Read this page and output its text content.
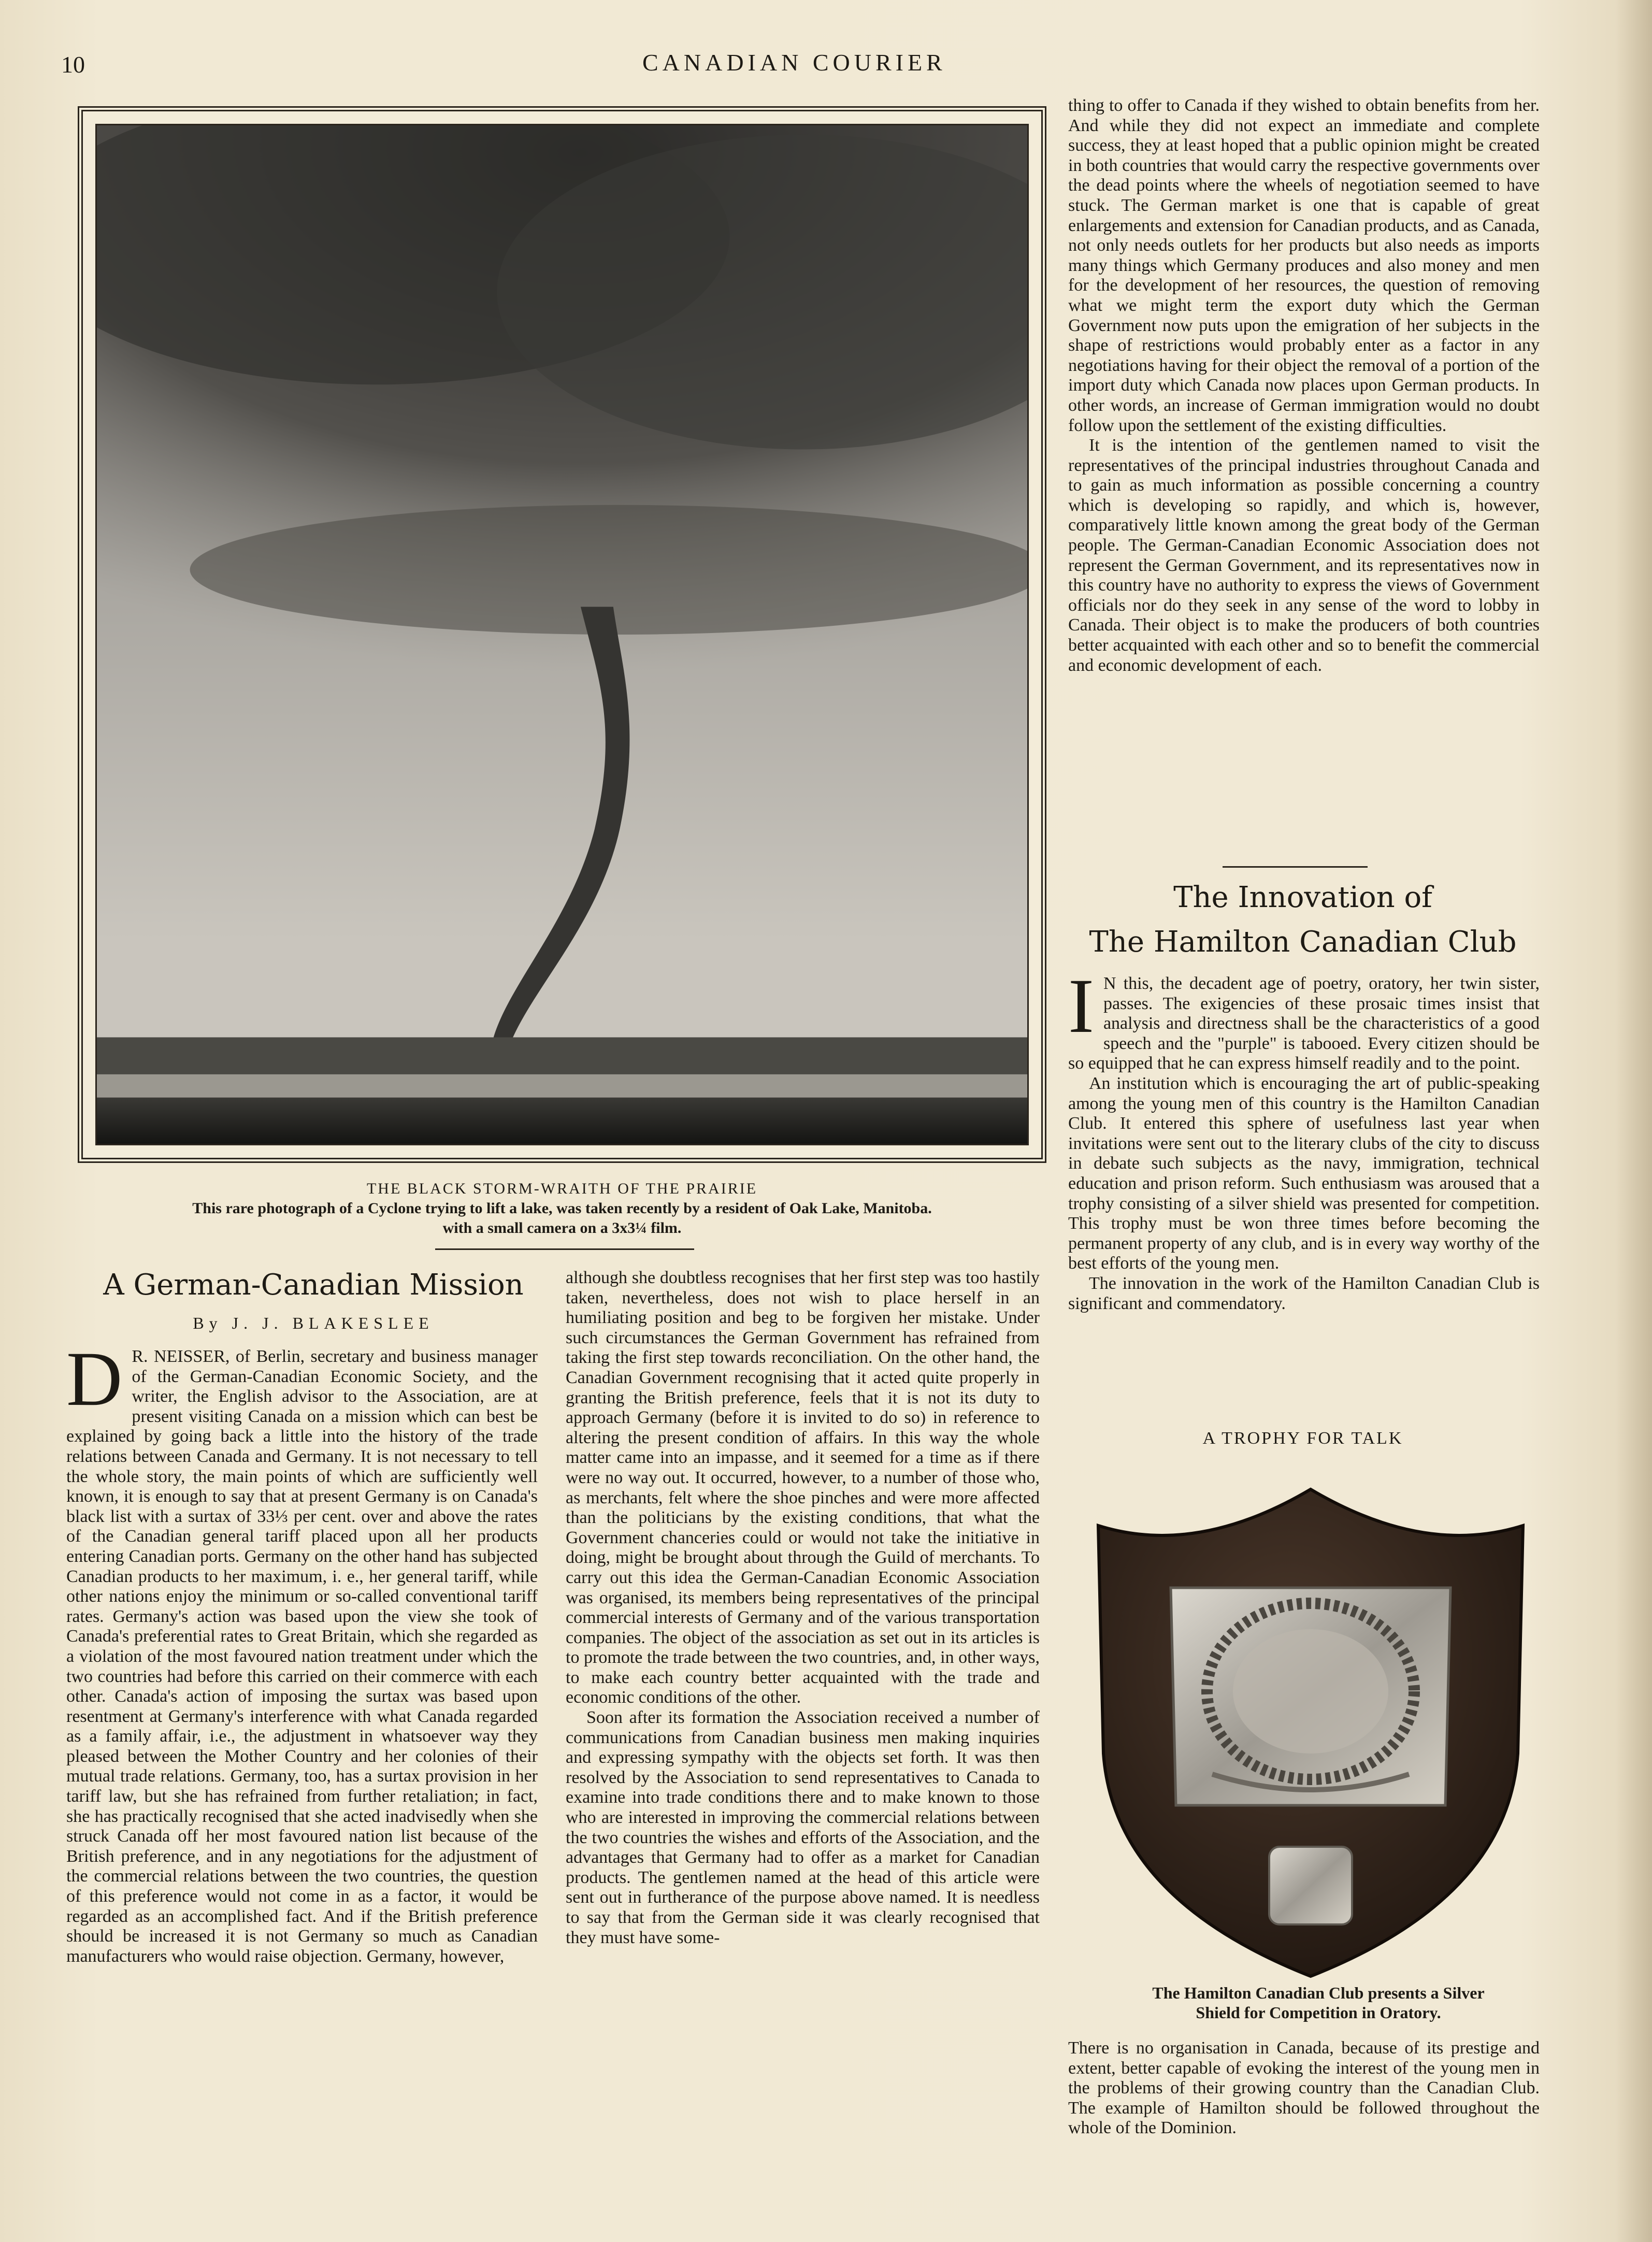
10	CANADIAN COURIER
THE BLACK STORM-WRAITH OF THE PRAIRIE
This rare photograph of a Cyclone trying to lift a lake, was taken recently by a resident of Oak Lake, Manitoba.
with a small camera on a 3x3¼ film.
A German-Canadian Mission
By J. J. BLAKESLEE
D R. NEISSER, of Berlin, secretary and business manager of the German-Canadian Economic Society, and the writer, the English advisor to the Association, are at present visiting Canada on a mission which can best be explained by going back a little into the history of the trade relations between Canada and Germany. It is not necessary to tell the whole story, the main points of which are sufficiently well known, it is enough to say that at present Germany is on Canada's black list with a surtax of 33⅓ per cent. over and above the rates of the Canadian general tariff placed upon all her products entering Canadian ports. Germany on the other hand has subjected Canadian products to her maximum, i. e., her general tariff, while other nations enjoy the minimum or so-called conventional tariff rates. Germany's action was based upon the view she took of Canada's preferential rates to Great Britain, which she regarded as a violation of the most favoured nation treatment under which the two countries had before this carried on their commerce with each other. Canada's action of imposing the surtax was based upon resentment at Germany's interference with what Canada regarded as a family affair, i.e., the adjustment in whatsoever way they pleased between the Mother Country and her colonies of their mutual trade relations. Germany, too, has a surtax provision in her tariff law, but she has refrained from further retaliation; in fact, she has practically recognised that she acted inadvisedly when she struck Canada off her most favoured nation list because of the British preference, and in any negotiations for the adjustment of the commercial relations between the two countries, the question of this preference would not come in as a factor, it would be regarded as an accomplished fact. And if the British preference should be increased it is not Germany so much as Canadian manufacturers who would raise objection. Germany, however,

although she doubtless recognises that her first step was too hastily taken, nevertheless, does not wish to place herself in an humiliating position and beg to be forgiven her mistake. Under such circumstances the German Government has refrained from taking the first step towards reconciliation. On the other hand, the Canadian Government recognising that it acted quite properly in granting the British preference, feels that it is not its duty to approach Germany (before it is invited to do so) in reference to altering the present condition of affairs. In this way the whole matter came into an impasse, and it seemed for a time as if there were no way out. It occurred, however, to a number of those who, as merchants, felt where the shoe pinches and were more affected than the politicians by the existing conditions, that what the Government chanceries could or would not take the initiative in doing, might be brought about through the Guild of merchants. To carry out this idea the German-Canadian Economic Association was organised, its members being representatives of the principal commercial interests of Germany and of the various transportation companies. The object of the association as set out in its articles is to promote the trade between the two countries, and, in other ways, to make each country better acquainted with the trade and economic conditions of the other.

Soon after its formation the Association received a number of communications from Canadian business men making inquiries and expressing sympathy with the objects set forth. It was then resolved by the Association to send representatives to Canada to examine into trade conditions there and to make known to those who are interested in improving the commercial relations between the two countries the wishes and efforts of the Association, and the advantages that Germany had to offer as a market for Canadian products. The gentlemen named at the head of this article were sent out in furtherance of the purpose above named. It is needless to say that from the German side it was clearly recognised that they must have some-

thing to offer to Canada if they wished to obtain benefits from her. And while they did not expect an immediate and complete success, they at least hoped that a public opinion might be created in both countries that would carry the respective governments over the dead points where the wheels of negotiation seemed to have stuck. The German market is one that is capable of great enlargements and extension for Canadian products, and as Canada, not only needs outlets for her products but also needs as imports many things which Germany produces and also money and men for the development of her resources, the question of removing what we might term the export duty which the German Government now puts upon the emigration of her subjects in the shape of restrictions would probably enter as a factor in any negotiations having for their object the removal of a portion of the import duty which Canada now places upon German products. In other words, an increase of German immigration would no doubt follow upon the settlement of the existing difficulties.

It is the intention of the gentlemen named to visit the representatives of the principal industries throughout Canada and to gain as much information as possible concerning a country which is developing so rapidly, and which is, however, comparatively little known among the great body of the German people. The German-Canadian Economic Association does not represent the German Government, and its representatives now in this country have no authority to express the views of Government officials nor do they seek in any sense of the word to lobby in Canada. Their object is to make the producers of both countries better acquainted with each other and so to benefit the commercial and economic development of each.

The Innovation of
The Hamilton Canadian Club
I N this, the decadent age of poetry, oratory, her twin sister, passes. The exigencies of these prosaic times insist that analysis and directness shall be the characteristics of a good speech and the "purple" is tabooed. Every citizen should be so equipped that he can express himself readily and to the point.

An institution which is encouraging the art of public-speaking among the young men of this country is the Hamilton Canadian Club. It entered this sphere of usefulness last year when invitations were sent out to the literary clubs of the city to discuss in debate such subjects as the navy, immigration, technical education and prison reform. Such enthusiasm was aroused that a trophy consisting of a silver shield was presented for competition. This trophy must be won three times before becoming the permanent property of any club, and is in every way worthy of the best efforts of the young men.

The innovation in the work of the Hamilton Canadian Club is significant and commendatory.

A TROPHY FOR TALK
The Hamilton Canadian Club presents a Silver
Shield for Competition in Oratory.

There is no organisation in Canada, because of its prestige and extent, better capable of evoking the interest of the young men in the problems of their growing country than the Canadian Club. The example of Hamilton should be followed throughout the whole of the Dominion.
